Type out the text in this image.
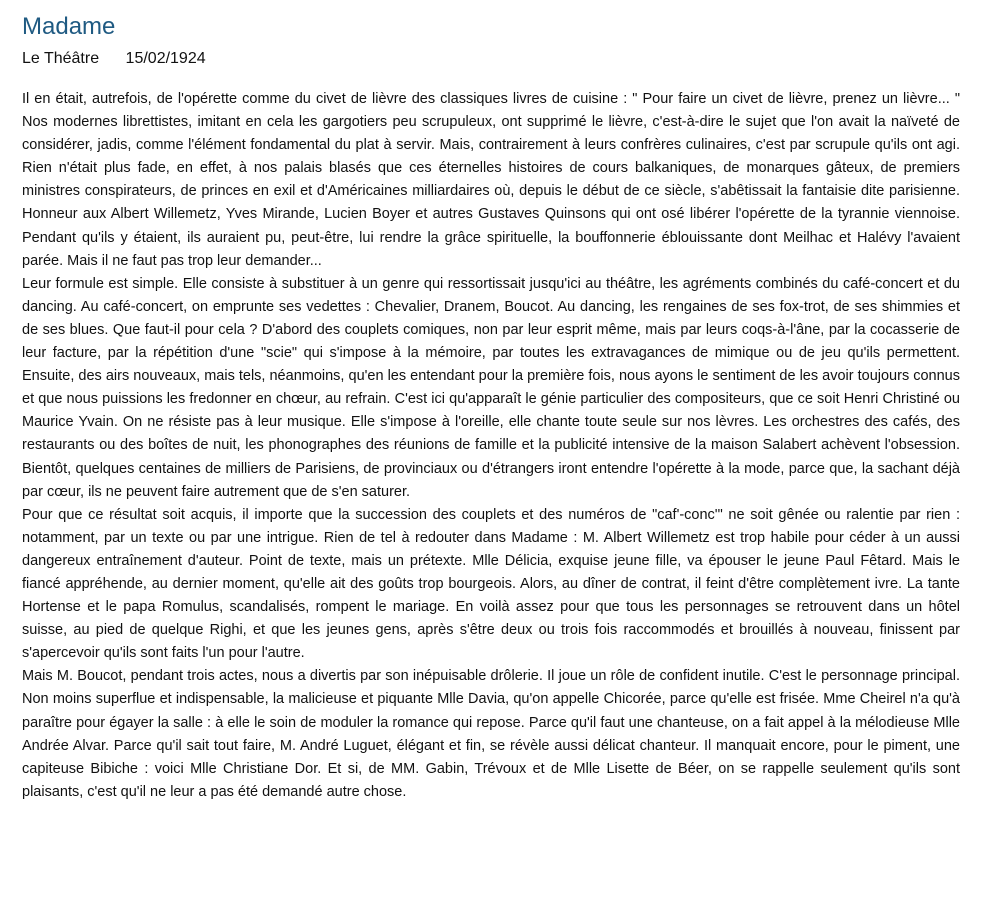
Madame
Le Théâtre 15/02/1924

Il en était, autrefois, de l'opérette comme du civet de lièvre des classiques livres de cuisine : " Pour faire un civet de lièvre, prenez un lièvre... " Nos modernes librettistes, imitant en cela les gargotiers peu scrupuleux, ont supprimé le lièvre, c'est-à-dire le sujet que l'on avait la naïveté de considérer, jadis, comme l'élément fondamental du plat à servir. Mais, contrairement à leurs confrères culinaires, c'est par scrupule qu'ils ont agi. Rien n'était plus fade, en effet, à nos palais blasés que ces éternelles histoires de cours balkaniques, de monarques gâteux, de premiers ministres conspirateurs, de princes en exil et d'Américaines milliardaires où, depuis le début de ce siècle, s'abêtissait la fantaisie dite parisienne. Honneur aux Albert Willemetz, Yves Mirande, Lucien Boyer et autres Gustaves Quinsons qui ont osé libérer l'opérette de la tyrannie viennoise. Pendant qu'ils y étaient, ils auraient pu, peut-être, lui rendre la grâce spirituelle, la bouffonnerie éblouissante dont Meilhac et Halévy l'avaient parée. Mais il ne faut pas trop leur demander...

Leur formule est simple. Elle consiste à substituer à un genre qui ressortissait jusqu'ici au théâtre, les agréments combinés du café-concert et du dancing. Au café-concert, on emprunte ses vedettes : Chevalier, Dranem, Boucot. Au dancing, les rengaines de ses fox-trot, de ses shimmies et de ses blues. Que faut-il pour cela ? D'abord des couplets comiques, non par leur esprit même, mais par leurs coqs-à-l'âne, par la cocasserie de leur facture, par la répétition d'une "scie" qui s'impose à la mémoire, par toutes les extravagances de mimique ou de jeu qu'ils permettent. Ensuite, des airs nouveaux, mais tels, néanmoins, qu'en les entendant pour la première fois, nous ayons le sentiment de les avoir toujours connus et que nous puissions les fredonner en chœur, au refrain. C'est ici qu'apparaît le génie particulier des compositeurs, que ce soit Henri Christiné ou Maurice Yvain. On ne résiste pas à leur musique. Elle s'impose à l'oreille, elle chante toute seule sur nos lèvres. Les orchestres des cafés, des restaurants ou des boîtes de nuit, les phonographes des réunions de famille et la publicité intensive de la maison Salabert achèvent l'obsession. Bientôt, quelques centaines de milliers de Parisiens, de provinciaux ou d'étrangers iront entendre l'opérette à la mode, parce que, la sachant déjà par cœur, ils ne peuvent faire autrement que de s'en saturer.

Pour que ce résultat soit acquis, il importe que la succession des couplets et des numéros de "caf'-conc'" ne soit gênée ou ralentie par rien : notamment, par un texte ou par une intrigue. Rien de tel à redouter dans Madame : M. Albert Willemetz est trop habile pour céder à un aussi dangereux entraînement d'auteur. Point de texte, mais un prétexte. Mlle Délicia, exquise jeune fille, va épouser le jeune Paul Fêtard. Mais le fiancé appréhende, au dernier moment, qu'elle ait des goûts trop bourgeois. Alors, au dîner de contrat, il feint d'être complètement ivre. La tante Hortense et le papa Romulus, scandalisés, rompent le mariage. En voilà assez pour que tous les personnages se retrouvent dans un hôtel suisse, au pied de quelque Righi, et que les jeunes gens, après s'être deux ou trois fois raccommodés et brouillés à nouveau, finissent par s'apercevoir qu'ils sont faits l'un pour l'autre.

Mais M. Boucot, pendant trois actes, nous a divertis par son inépuisable drôlerie. Il joue un rôle de confident inutile. C'est le personnage principal. Non moins superflue et indispensable, la malicieuse et piquante Mlle Davia, qu'on appelle Chicorée, parce qu'elle est frisée. Mme Cheirel n'a qu'à paraître pour égayer la salle : à elle le soin de moduler la romance qui repose. Parce qu'il faut une chanteuse, on a fait appel à la mélodieuse Mlle Andrée Alvar. Parce qu'il sait tout faire, M. André Luguet, élégant et fin, se révèle aussi délicat chanteur. Il manquait encore, pour le piment, une capiteuse Bibiche : voici Mlle Christiane Dor. Et si, de MM. Gabin, Trévoux et de Mlle Lisette de Béer, on se rappelle seulement qu'ils sont plaisants, c'est qu'il ne leur a pas été demandé autre chose.
